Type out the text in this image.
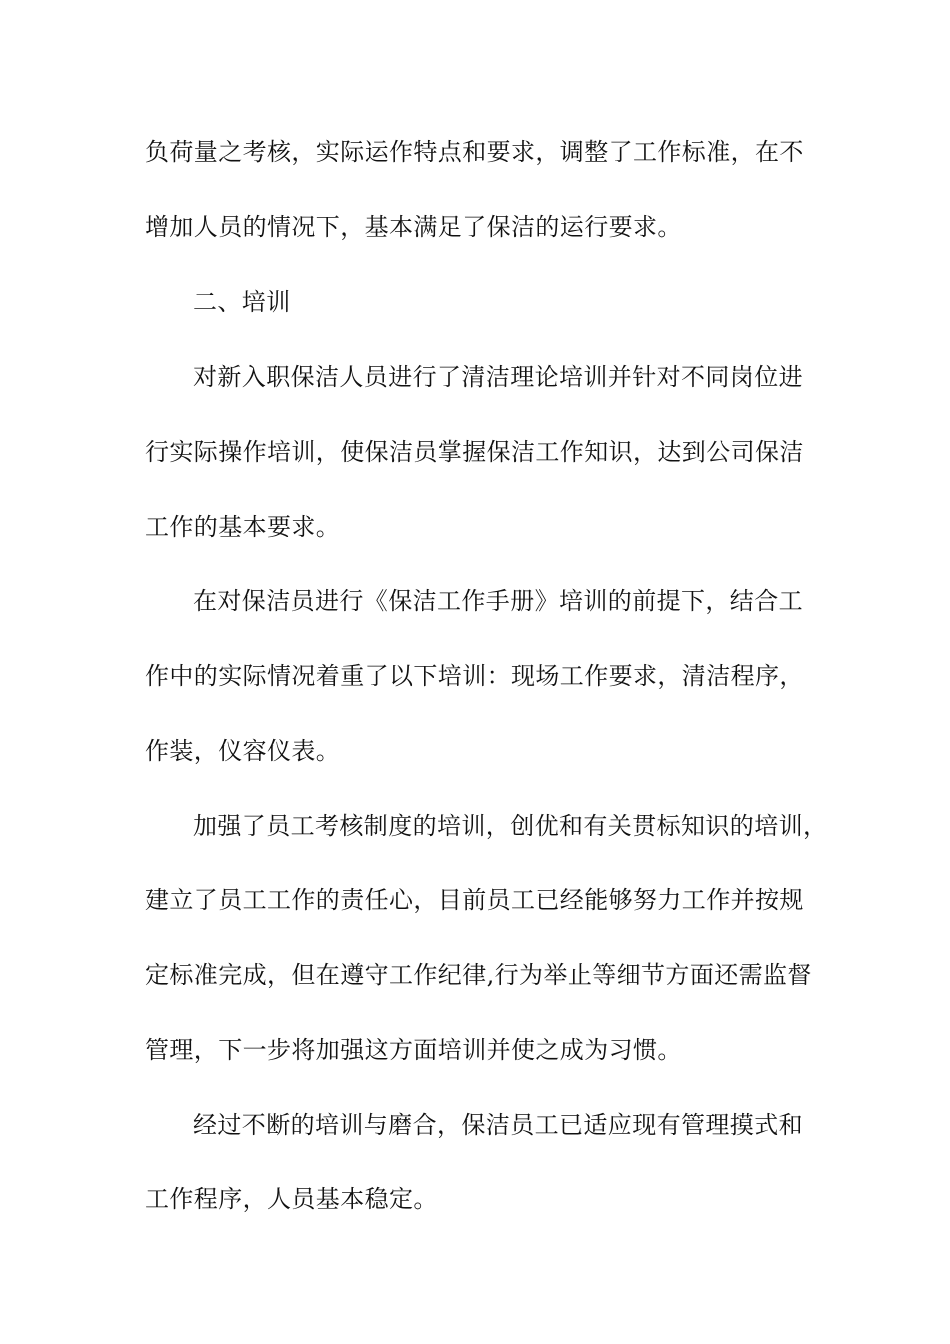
负荷量之考核，实际运作特点和要求，调整了工作标准，在不
增加人员的情况下，基本满足了保洁的运行要求。
二、培训
对新入职保洁人员进行了清洁理论培训并针对不同岗位进
行实际操作培训，使保洁员掌握保洁工作知识，达到公司保洁
工作的基本要求。
在对保洁员进行《保洁工作手册》培训的前提下，结合工
作中的实际情况着重了以下培训：现场工作要求，清洁程序，
作装，仪容仪表。
加强了员工考核制度的培训，创优和有关贯标知识的培训，
建立了员工工作的责任心，目前员工已经能够努力工作并按规
定标准完成，但在遵守工作纪律,行为举止等细节方面还需监督
管理，下一步将加强这方面培训并使之成为习惯。
经过不断的培训与磨合，保洁员工已适应现有管理摸式和
工作程序，人员基本稳定。
